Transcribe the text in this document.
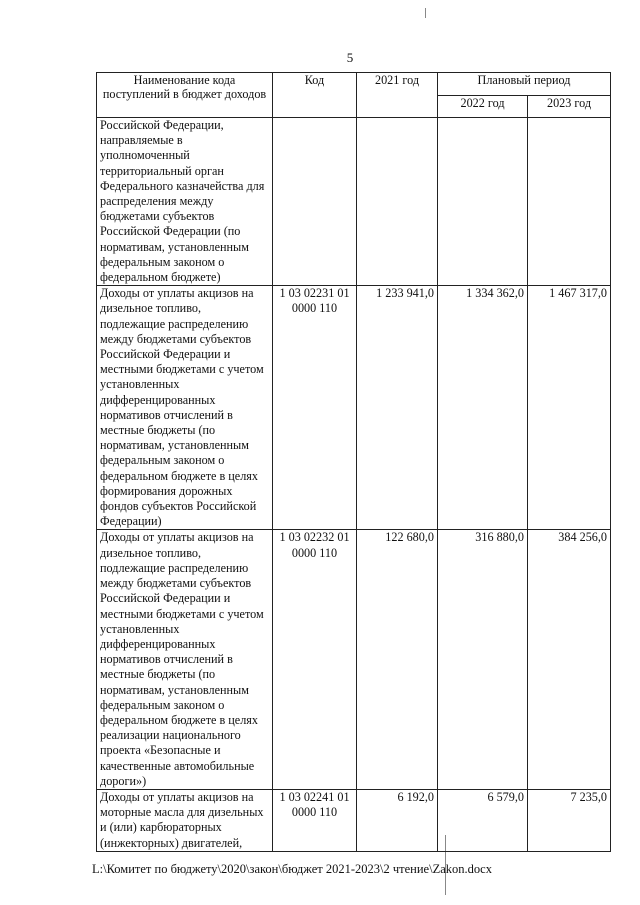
5
Наименование кода поступлений в бюджет доходов	Код	2021 год	Плановый период	
			2022 год	2023 год
Российской Федерации, направляемые в уполномоченный территориальный орган Федерального казначейства для распределения между бюджетами субъектов Российской Федерации (по нормативам, установленным федеральным законом о федеральном бюджете)				
Доходы от уплаты акцизов на дизельное топливо, подлежащие распределению между бюджетами субъектов Российской Федерации и местными бюджетами с учетом установленных дифференцированных нормативов отчислений в местные бюджеты (по нормативам, установленным федеральным законом о федеральном бюджете в целях формирования дорожных фондов субъектов Российской Федерации)	1 03 02231 01 0000 110	1 233 941,0	1 334 362,0	1 467 317,0
Доходы от уплаты акцизов на дизельное топливо, подлежащие распределению между бюджетами субъектов Российской Федерации и местными бюджетами с учетом установленных дифференцированных нормативов отчислений в местные бюджеты (по нормативам, установленным федеральным законом о федеральном бюджете в целях реализации национального проекта «Безопасные и качественные автомобильные дороги»)	1 03 02232 01 0000 110	122 680,0	316 880,0	384 256,0
Доходы от уплаты акцизов на моторные масла для дизельных и (или) карбюраторных (инжекторных) двигателей,	1 03 02241 01 0000 110	6 192,0	6 579,0	7 235,0
L:\Комитет по бюджету\2020\закон\бюджет 2021-2023\2 чтение\Zakon.docx
